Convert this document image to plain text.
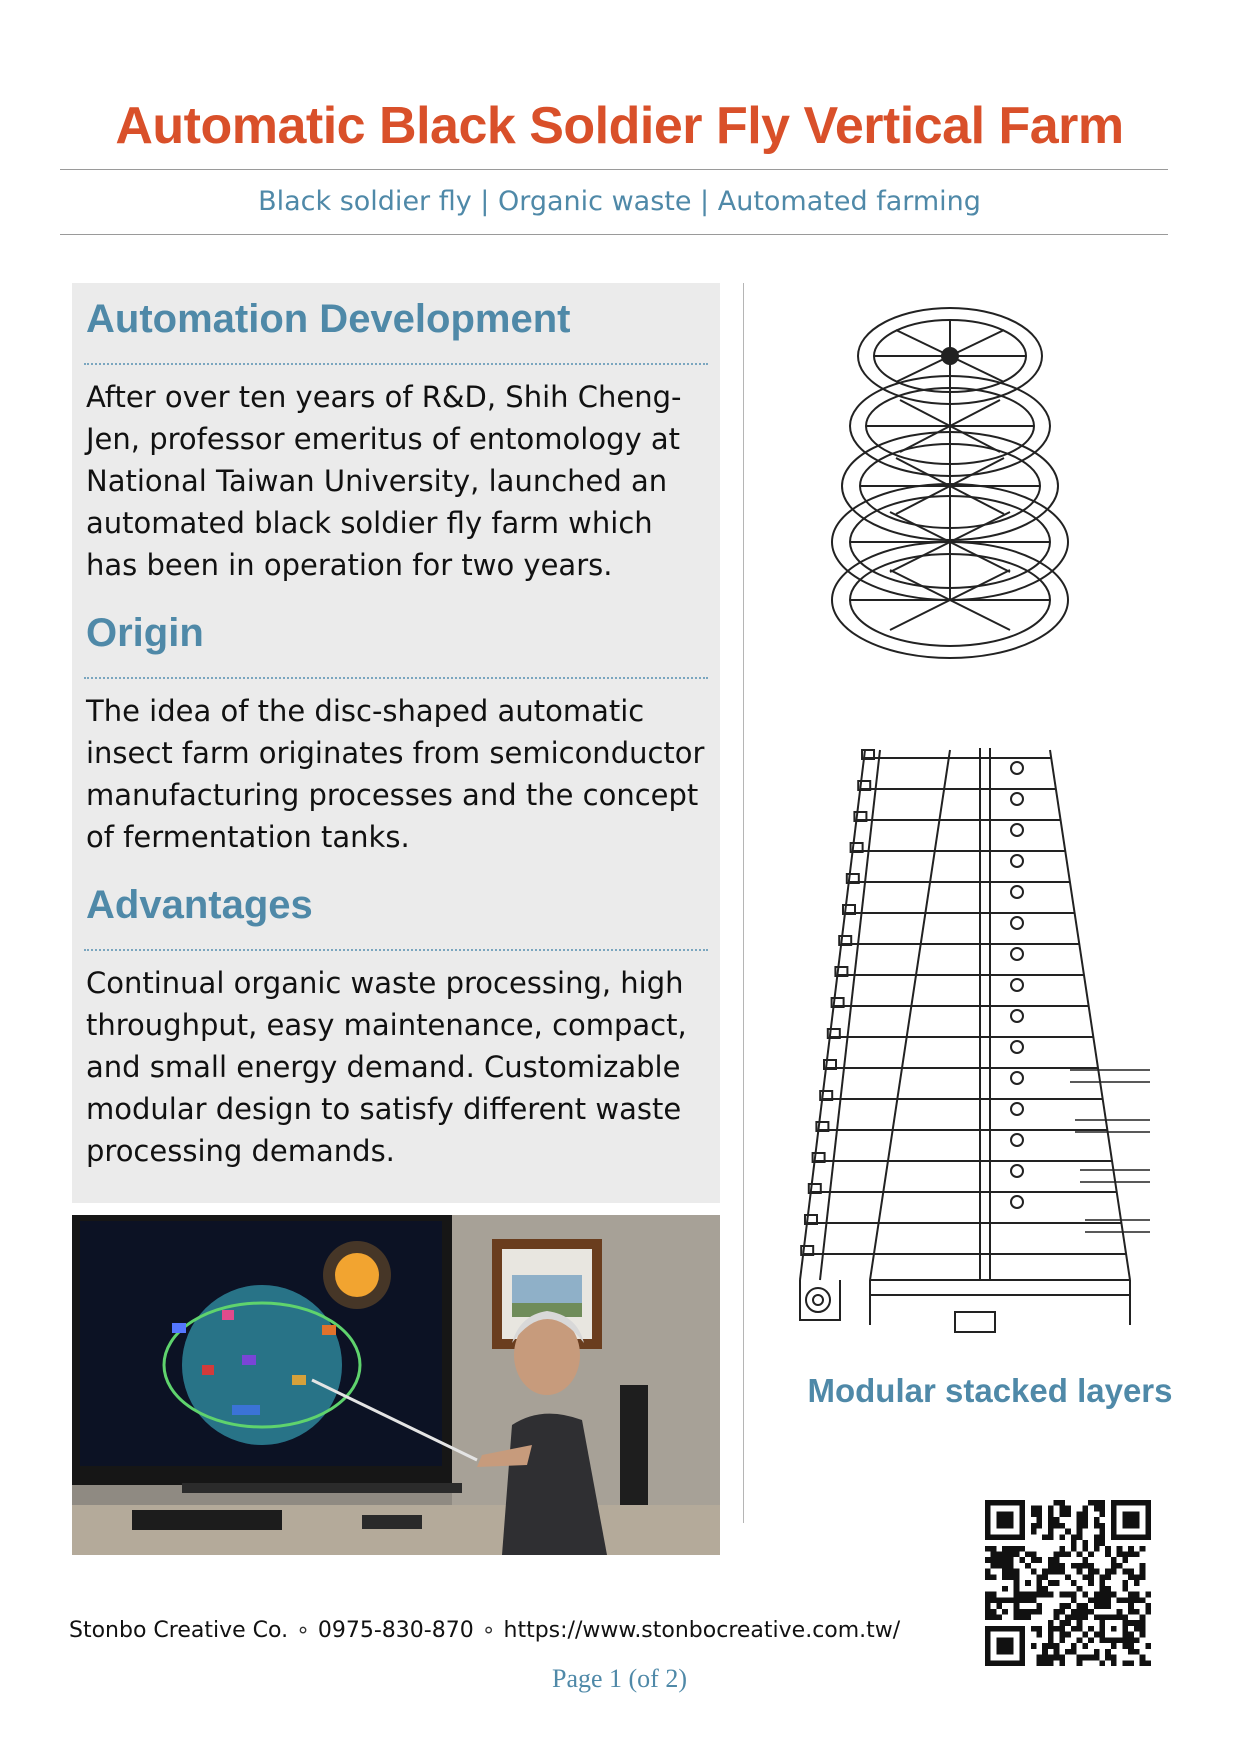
Automatic Black Soldier Fly Vertical Farm
Black soldier fly | Organic waste | Automated farming
Automation Development

After over ten years of R&D, Shih Cheng-Jen, professor emeritus of entomology at National Taiwan University, launched an automated black soldier fly farm which has been in operation for two years.

Origin

The idea of the disc-shaped automatic insect farm originates from semiconductor manufacturing processes and the concept of fermentation tanks.

Advantages

Continual organic waste processing, high throughput, easy maintenance, compact, and small energy demand. Customizable modular design to satisfy different waste processing demands.

Modular stacked layers
Stonbo Creative Co. ∘ 0975-830-870 ∘ https://www.stonbocreative.com.tw/
Page 1 (of 2)
